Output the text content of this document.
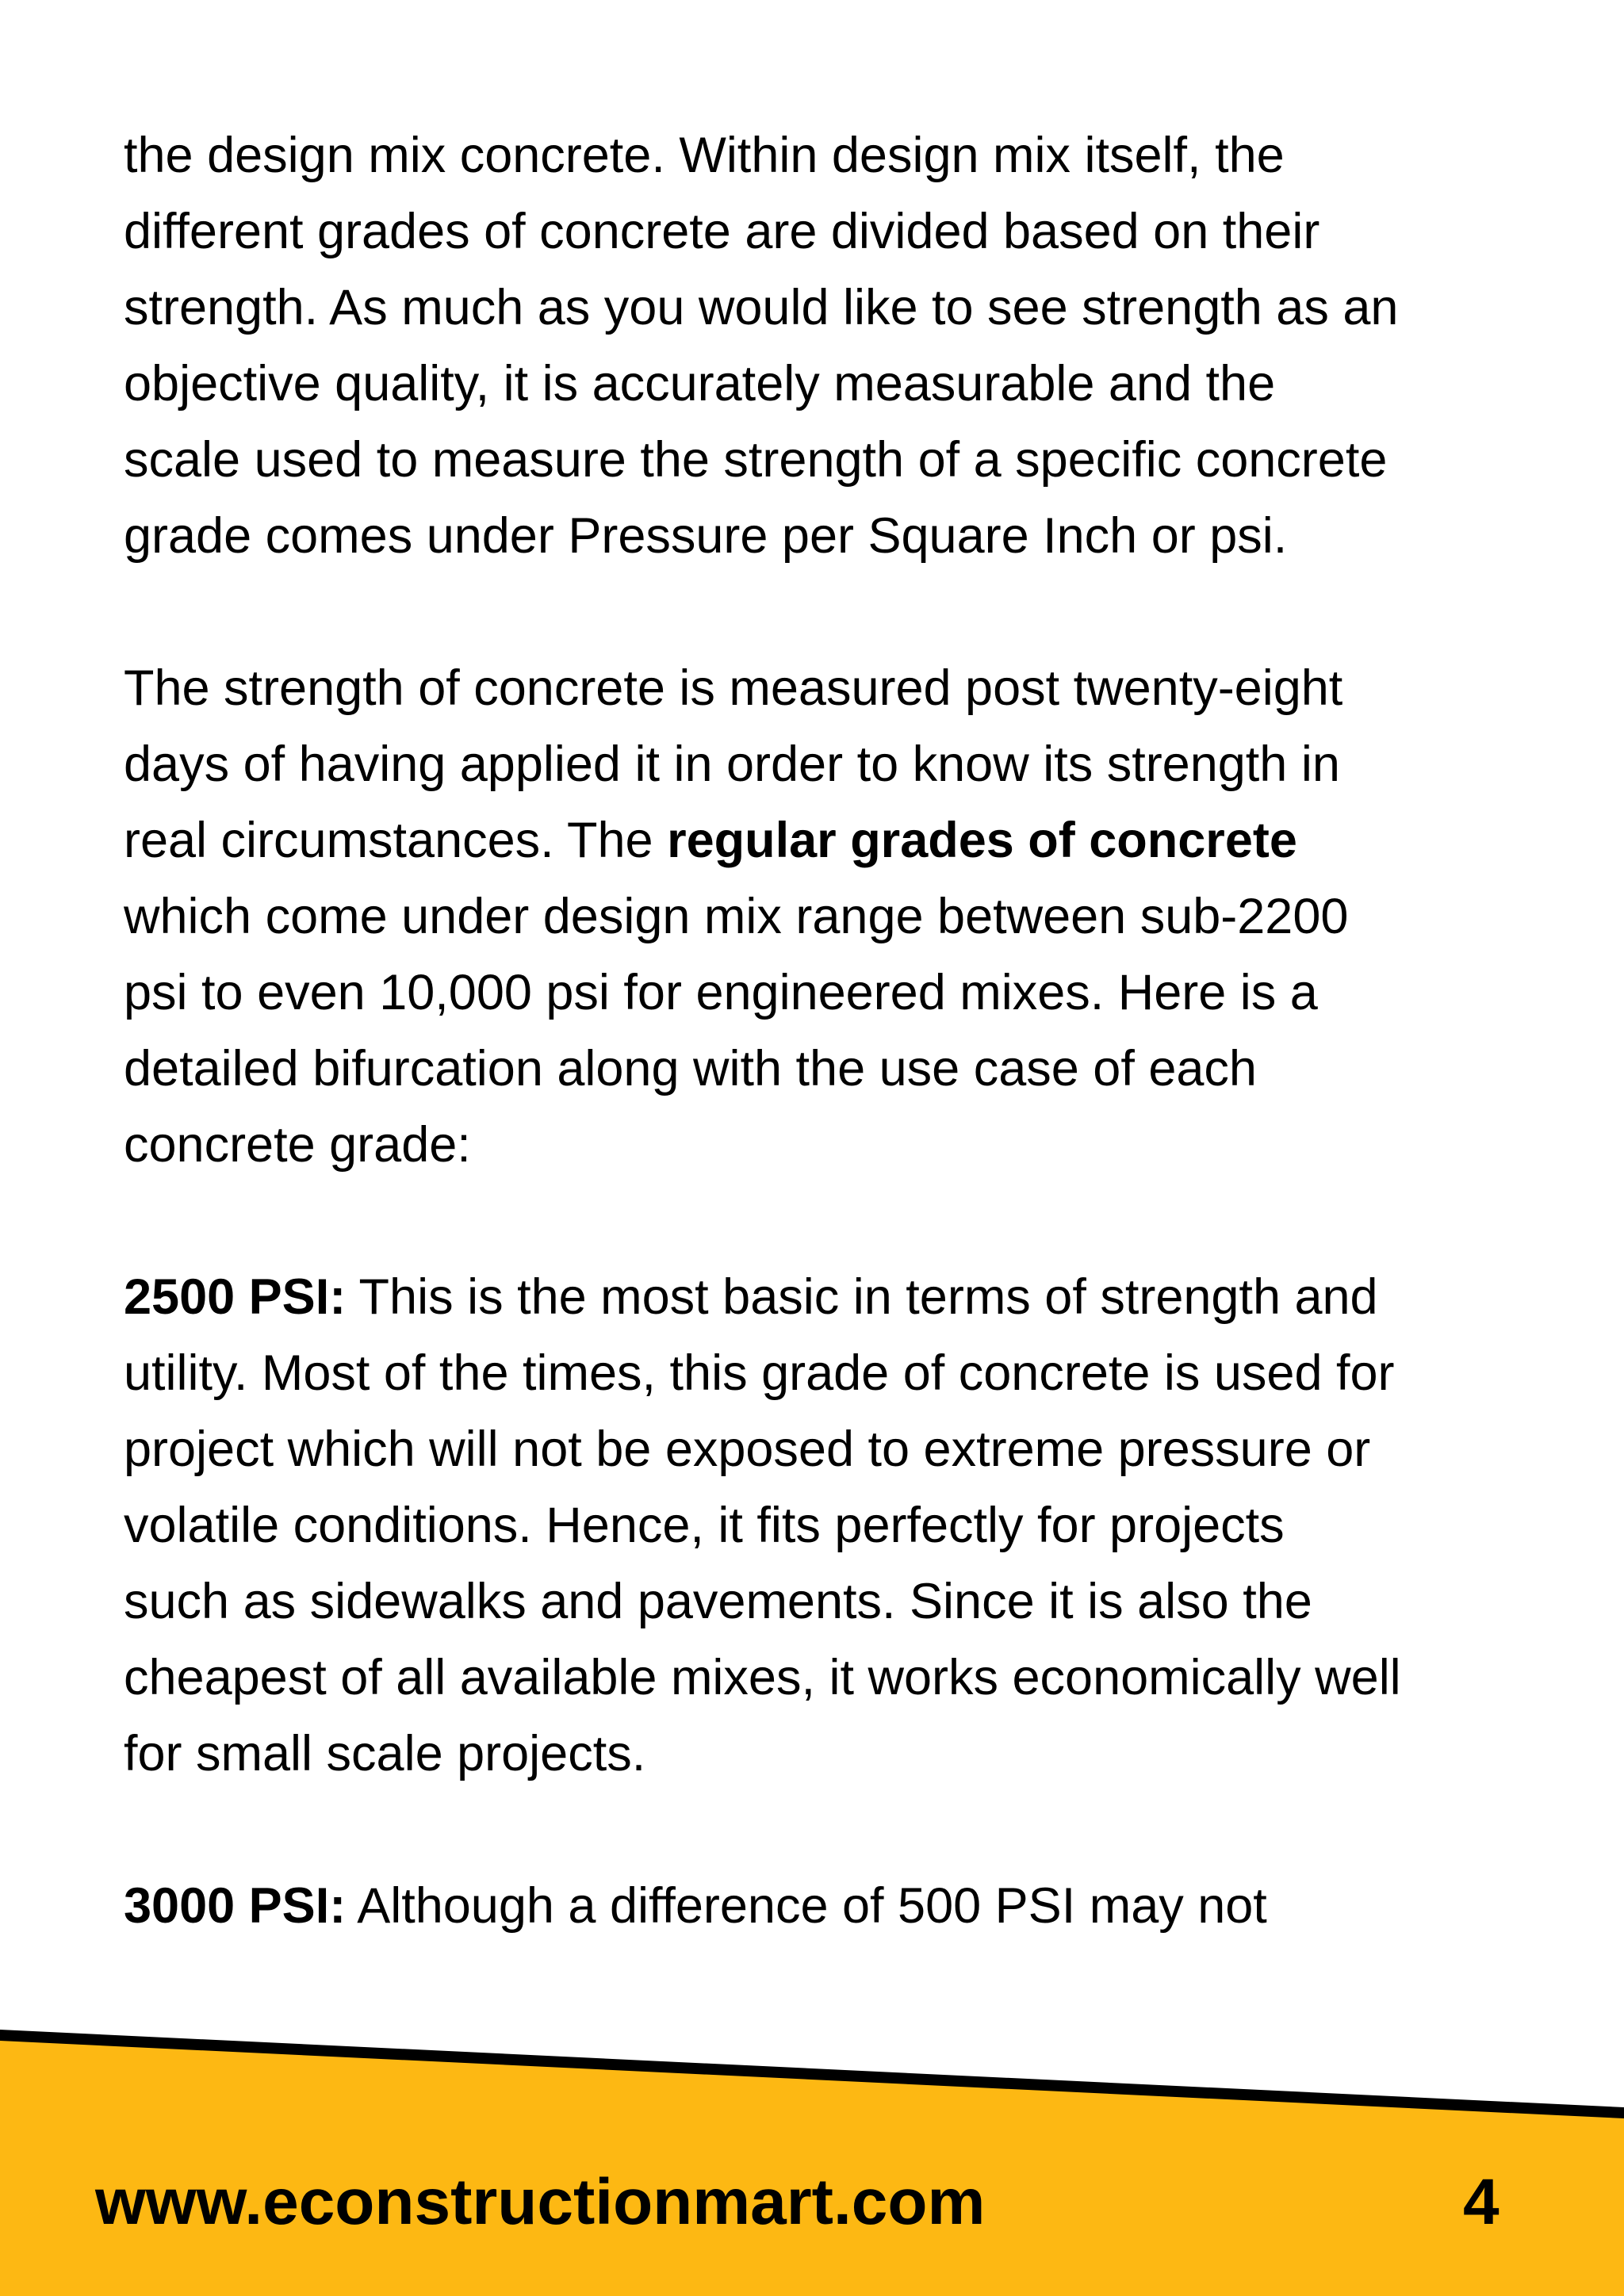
the design mix concrete. Within design mix itself, the
different grades of concrete are divided based on their
strength. As much as you would like to see strength as an
objective quality, it is accurately measurable and the
scale used to measure the strength of a specific concrete
grade comes under Pressure per Square Inch or psi.

The strength of concrete is measured post twenty-eight
days of having applied it in order to know its strength in
real circumstances. The regular grades of concrete
which come under design mix range between sub-2200
psi to even 10,000 psi for engineered mixes. Here is a
detailed bifurcation along with the use case of each
concrete grade:

2500 PSI: This is the most basic in terms of strength and
utility. Most of the times, this grade of concrete is used for
project which will not be exposed to extreme pressure or
volatile conditions. Hence, it fits perfectly for projects
such as sidewalks and pavements. Since it is also the
cheapest of all available mixes, it works economically well
for small scale projects.

3000 PSI: Although a difference of 500 PSI may not

www.econstructionmart.com	4
